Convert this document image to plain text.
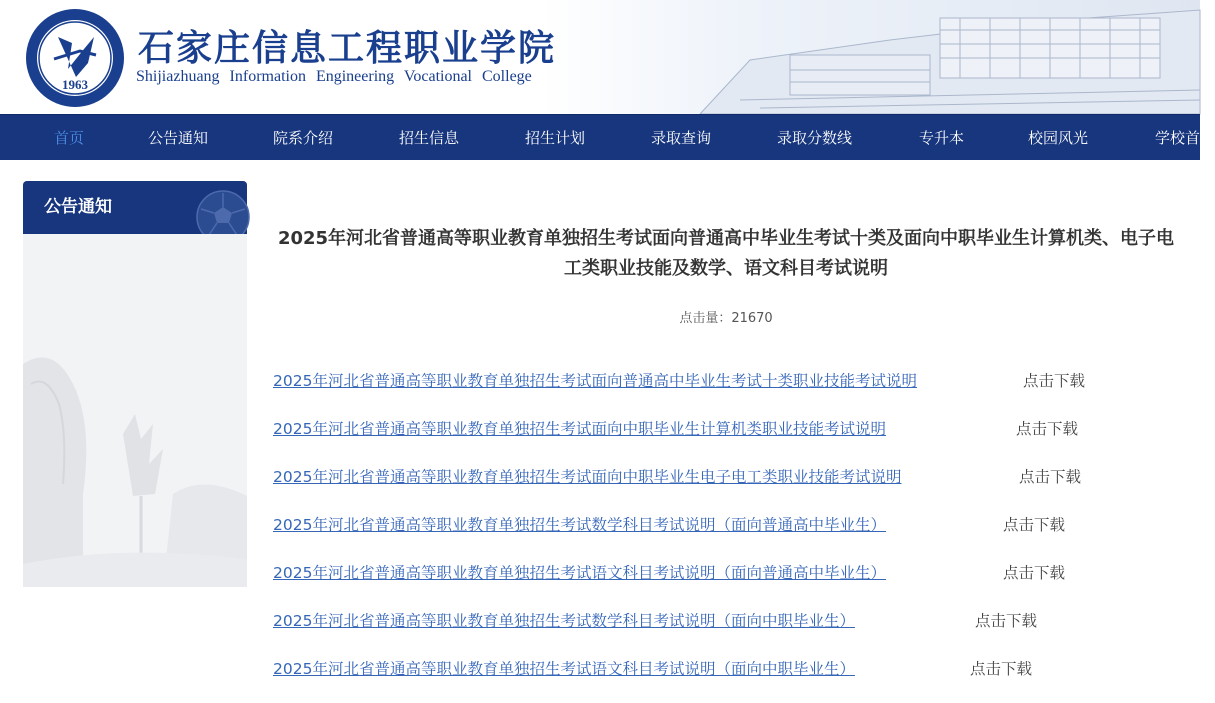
1963
石家庄信息工程职业学院
Shijiazhuang Information Engineering Vocational College
首页	公告通知	院系介绍	招生信息	招生计划	录取查询	录取分数线	专升本	校园风光	学校首页
公告通知
2025年河北省普通高等职业教育单独招生考试面向普通高中毕业生考试十类及面向中职毕业生计算机类、电子电工类职业技能及数学、语文科目考试说明
点击量：21670
2025年河北省普通高等职业教育单独招生考试面向普通高中毕业生考试十类职业技能考试说明	点击下载
2025年河北省普通高等职业教育单独招生考试面向中职毕业生计算机类职业技能考试说明	点击下载
2025年河北省普通高等职业教育单独招生考试面向中职毕业生电子电工类职业技能考试说明	点击下载
2025年河北省普通高等职业教育单独招生考试数学科目考试说明（面向普通高中毕业生）	点击下载
2025年河北省普通高等职业教育单独招生考试语文科目考试说明（面向普通高中毕业生）	点击下载
2025年河北省普通高等职业教育单独招生考试数学科目考试说明（面向中职毕业生）	点击下载
2025年河北省普通高等职业教育单独招生考试语文科目考试说明（面向中职毕业生）	点击下载
